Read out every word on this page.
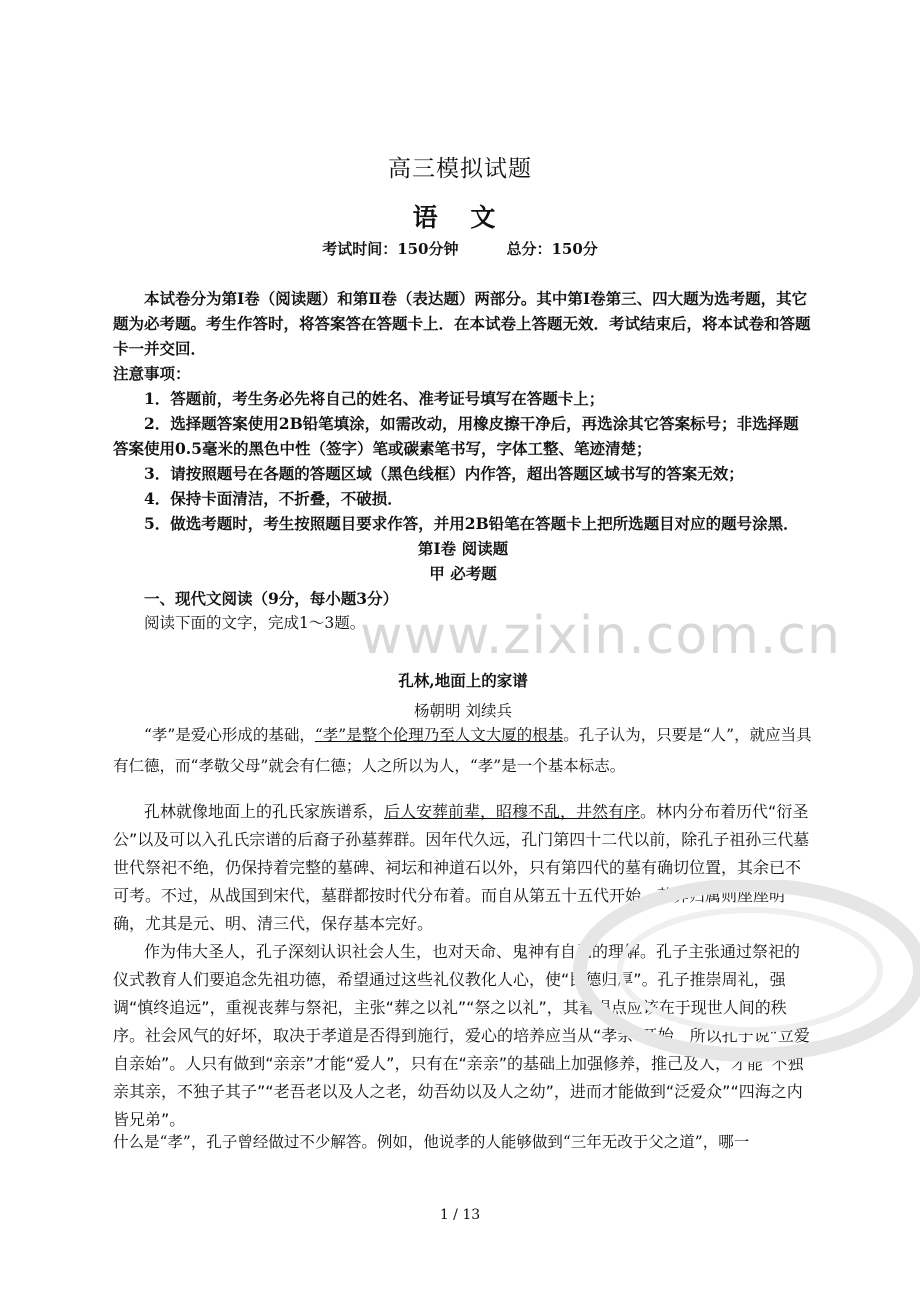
高三模拟试题
语 文
考试时间：150分钟	总分：150分

本试卷分为第Ⅰ卷（阅读题）和第Ⅱ卷（表达题）两部分。其中第Ⅰ卷第三、四大题为选考题，其它题为必考题。考生作答时，将答案答在答题卡上．在本试卷上答题无效．考试结束后，将本试卷和答题卡一并交回．

注意事项：

1．答题前，考生务必先将自己的姓名、准考证号填写在答题卡上；

2．选择题答案使用2B铅笔填涂，如需改动，用橡皮擦干净后，再选涂其它答案标号；非选择题答案使用0.5毫米的黑色中性（签字）笔或碳素笔书写，字体工整、笔迹清楚；

3．请按照题号在各题的答题区域（黑色线框）内作答，超出答题区域书写的答案无效；

4．保持卡面清洁，不折叠，不破损．

5．做选考题时，考生按照题目要求作答，并用2B铅笔在答题卡上把所选题目对应的题号涂黑．

第Ⅰ卷 阅读题

甲 必考题

一、现代文阅读（9分，每小题3分）

阅读下面的文字，完成1～3题。

www.zixin.com.cn

孔林,地面上的家谱

杨朝明 刘续兵

“孝”是爱心形成的基础，“孝”是整个伦理乃至人文大厦的根基。孔子认为，只要是“人”，就应当具有仁德，而“孝敬父母”就会有仁德；人之所以为人，“孝”是一个基本标志。

孔林就像地面上的孔氏家族谱系，后人安葬前辈，昭穆不乱，井然有序。林内分布着历代“衍圣公”以及可以入孔氏宗谱的后裔子孙墓葬群。因年代久远，孔门第四十二代以前，除孔子祖孙三代墓世代祭祀不绝，仍保持着完整的墓碑、祠坛和神道石以外，只有第四代的墓有确切位置，其余已不可考。不过，从战国到宋代，墓群都按时代分布着。而自从第五十五代开始，墓葬归属则座座明确，尤其是元、明、清三代，保存基本完好。

作为伟大圣人，孔子深刻认识社会人生，也对天命、鬼神有自己的理解。孔子主张通过祭祀的仪式教育人们要追念先祖功德，希望通过这些礼仪教化人心，使“民德归厚”。孔子推崇周礼，强调“慎终追远”，重视丧葬与祭祀，主张“葬之以礼”“祭之以礼”，其着眼点应该在于现世人间的秩序。社会风气的好坏，取决于孝道是否得到施行，爱心的培养应当从“孝亲”开始，所以孔子说“立爱自亲始”。人只有做到“亲亲”才能“爱人”，只有在“亲亲”的基础上加强修养，推己及人，才能“不独亲其亲，不独子其子”“老吾老以及人之老，幼吾幼以及人之幼”，进而才能做到“泛爱众”“四海之内皆兄弟”。

什么是“孝”，孔子曾经做过不少解答。例如，他说孝的人能够做到“三年无改于父之道”，哪一

1 / 13
